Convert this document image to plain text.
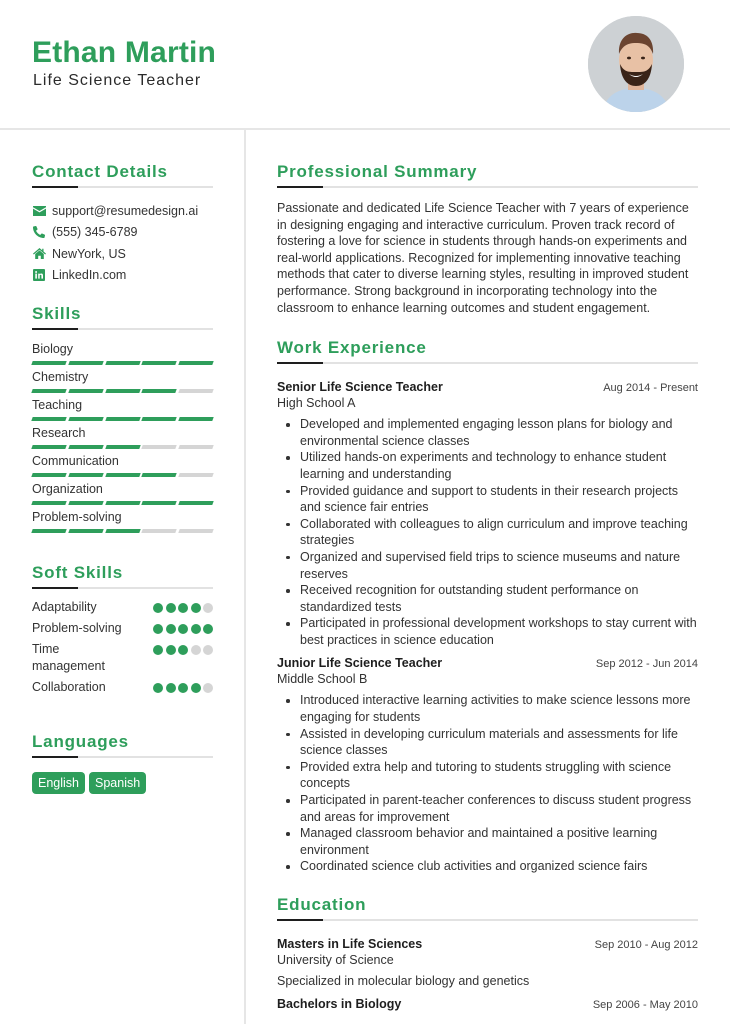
Ethan Martin
Life Science Teacher
Contact Details
support@resumedesign.ai
(555) 345-6789
NewYork, US
LinkedIn.com
Skills
Biology
Chemistry
Teaching
Research
Communication
Organization
Problem-solving
Soft Skills
Adaptability
Problem-solving
Time management
Collaboration
Languages
English	Spanish
Professional Summary

Passionate and dedicated Life Science Teacher with 7 years of experience in designing engaging and interactive curriculum. Proven track record of fostering a love for science in students through hands-on experiments and real-world applications. Recognized for implementing innovative teaching methods that cater to diverse learning styles, resulting in improved student performance. Strong background in incorporating technology into the classroom to enhance learning outcomes and student engagement.

Work Experience
Senior Life Science Teacher	Aug 2014 - Present
High School A
Developed and implemented engaging lesson plans for biology and environmental science classes
Utilized hands-on experiments and technology to enhance student learning and understanding
Provided guidance and support to students in their research projects and science fair entries
Collaborated with colleagues to align curriculum and improve teaching strategies
Organized and supervised field trips to science museums and nature reserves
Received recognition for outstanding student performance on standardized tests
Participated in professional development workshops to stay current with best practices in science education
Junior Life Science Teacher	Sep 2012 - Jun 2014
Middle School B
Introduced interactive learning activities to make science lessons more engaging for students
Assisted in developing curriculum materials and assessments for life science classes
Provided extra help and tutoring to students struggling with science concepts
Participated in parent-teacher conferences to discuss student progress and areas for improvement
Managed classroom behavior and maintained a positive learning environment
Coordinated science club activities and organized science fairs
Education
Masters in Life Sciences	Sep 2010 - Aug 2012
University of Science
Specialized in molecular biology and genetics
Bachelors in Biology	Sep 2006 - May 2010
